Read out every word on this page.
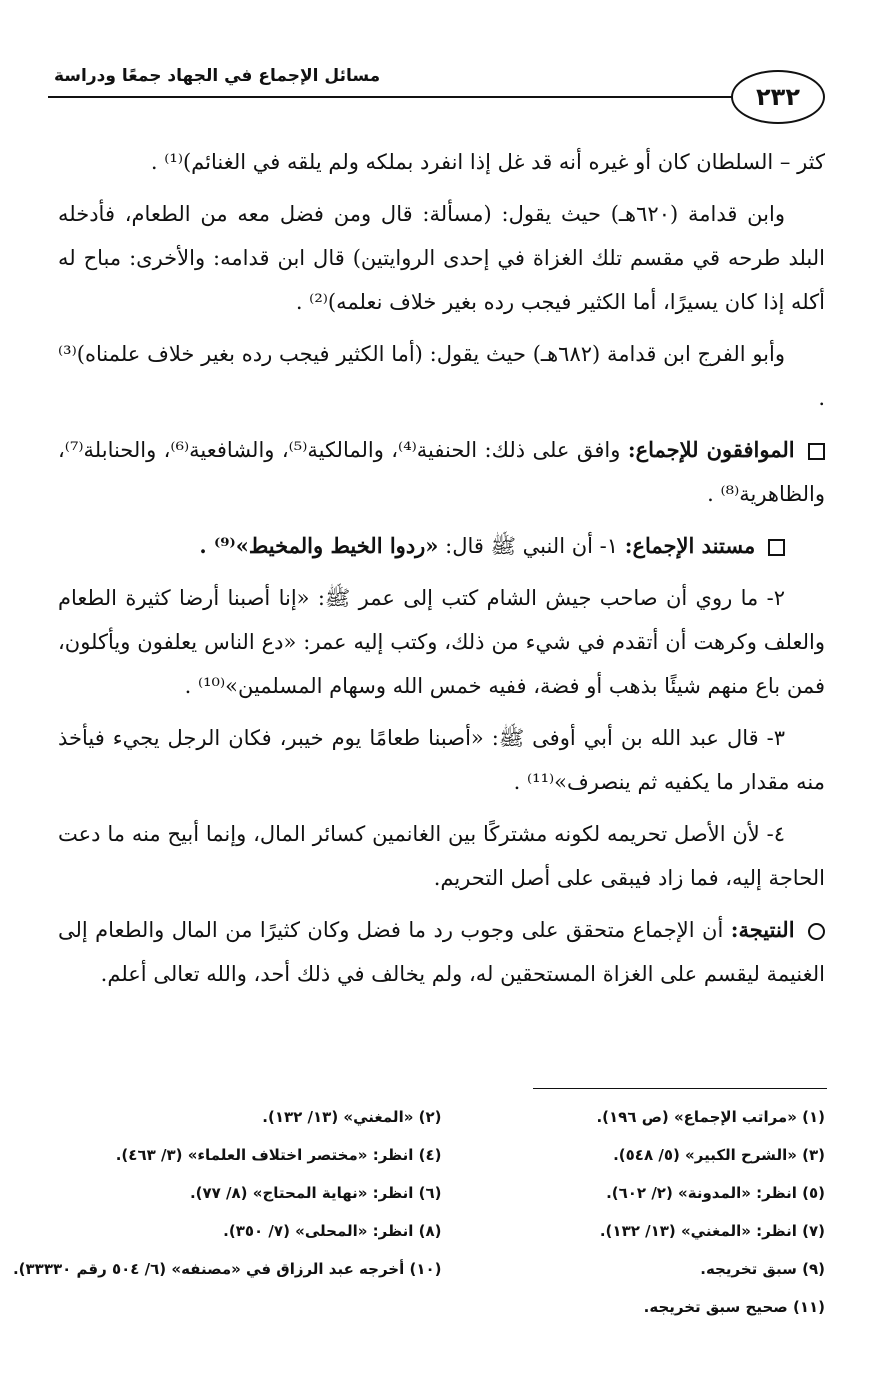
مسائل الإجماع في الجهاد جمعًا ودراسة
٢٣٢

كثر – السلطان كان أو غيره أنه قد غل إذا انفرد بملكه ولم يلقه في الغنائم)⁽¹⁾ .

وابن قدامة (٦٢٠هـ) حيث يقول: (مسألة: قال ومن فضل معه من الطعام، فأدخله البلد طرحه قي مقسم تلك الغزاة في إحدى الروايتين) قال ابن قدامه: والأخرى: مباح له أكله إذا كان يسيرًا، أما الكثير فيجب رده بغير خلاف نعلمه)⁽²⁾ .

وأبو الفرج ابن قدامة (٦٨٢هـ) حيث يقول: (أما الكثير فيجب رده بغير خلاف علمناه)⁽³⁾ .

الموافقون للإجماع: وافق على ذلك: الحنفية⁽⁴⁾، والمالكية⁽⁵⁾، والشافعية⁽⁶⁾، والحنابلة⁽⁷⁾، والظاهرية⁽⁸⁾ .

مستند الإجماع: ١- أن النبي ﷺ قال: «ردوا الخيط والمخيط»⁽⁹⁾ .

٢- ما روي أن صاحب جيش الشام كتب إلى عمر ﷺ: «إنا أصبنا أرضا كثيرة الطعام والعلف وكرهت أن أتقدم في شيء من ذلك، وكتب إليه عمر: «دع الناس يعلفون ويأكلون، فمن باع منهم شيئًا بذهب أو فضة، ففيه خمس الله وسهام المسلمين»⁽¹⁰⁾ .

٣- قال عبد الله بن أبي أوفى ﷺ: «أصبنا طعامًا يوم خيبر، فكان الرجل يجيء فيأخذ منه مقدار ما يكفيه ثم ينصرف»⁽¹¹⁾ .

٤- لأن الأصل تحريمه لكونه مشتركًا بين الغانمين كسائر المال، وإنما أبيح منه ما دعت الحاجة إليه، فما زاد فيبقى على أصل التحريم.

النتيجة: أن الإجماع متحقق على وجوب رد ما فضل وكان كثيرًا من المال والطعام إلى الغنيمة ليقسم على الغزاة المستحقين له، ولم يخالف في ذلك أحد، والله تعالى أعلم.

(١) «مراتب الإجماع» (ص ١٩٦).
(٢) «المغني» (١٣/ ١٣٢).
(٣) «الشرح الكبير» (٥/ ٥٤٨).
(٤) انظر: «مختصر اختلاف العلماء» (٣/ ٤٦٣).
(٥) انظر: «المدونة» (٢/ ٦٠٢).
(٦) انظر: «نهاية المحتاج» (٨/ ٧٧).
(٧) انظر: «المغني» (١٣/ ١٣٢).
(٨) انظر: «المحلى» (٧/ ٣٥٠).
(٩) سبق تخريجه.
(١٠) أخرجه عبد الرزاق في «مصنفه» (٦/ ٥٠٤ رقم ٣٣٣٣٠).
(١١) صحيح سبق تخريجه.
